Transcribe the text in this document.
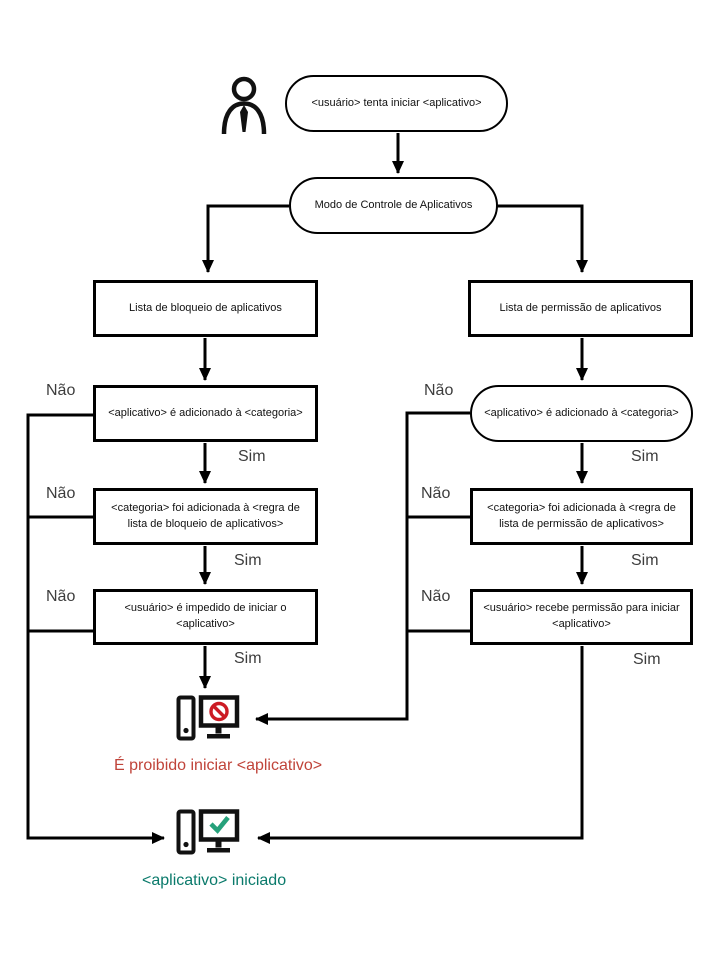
<usuário> tenta iniciar <aplicativo>
Modo de Controle de Aplicativos
Lista de bloqueio de aplicativos	Lista de permissão de aplicativos
<aplicativo> é adicionado à <categoria>	<aplicativo> é adicionado à <categoria>
<categoria> foi adicionada à <regra de lista de bloqueio de aplicativos>
<categoria> foi adicionada à <regra de lista de permissão de aplicativos>
<usuário> é impedido de iniciar o <aplicativo>
<usuário> recebe permissão para iniciar <aplicativo>
Não
Não
Não
Sim
Sim
Sim
Não
Não
Não
Sim
Sim
Sim
É proibido iniciar <aplicativo>
<aplicativo> iniciado
